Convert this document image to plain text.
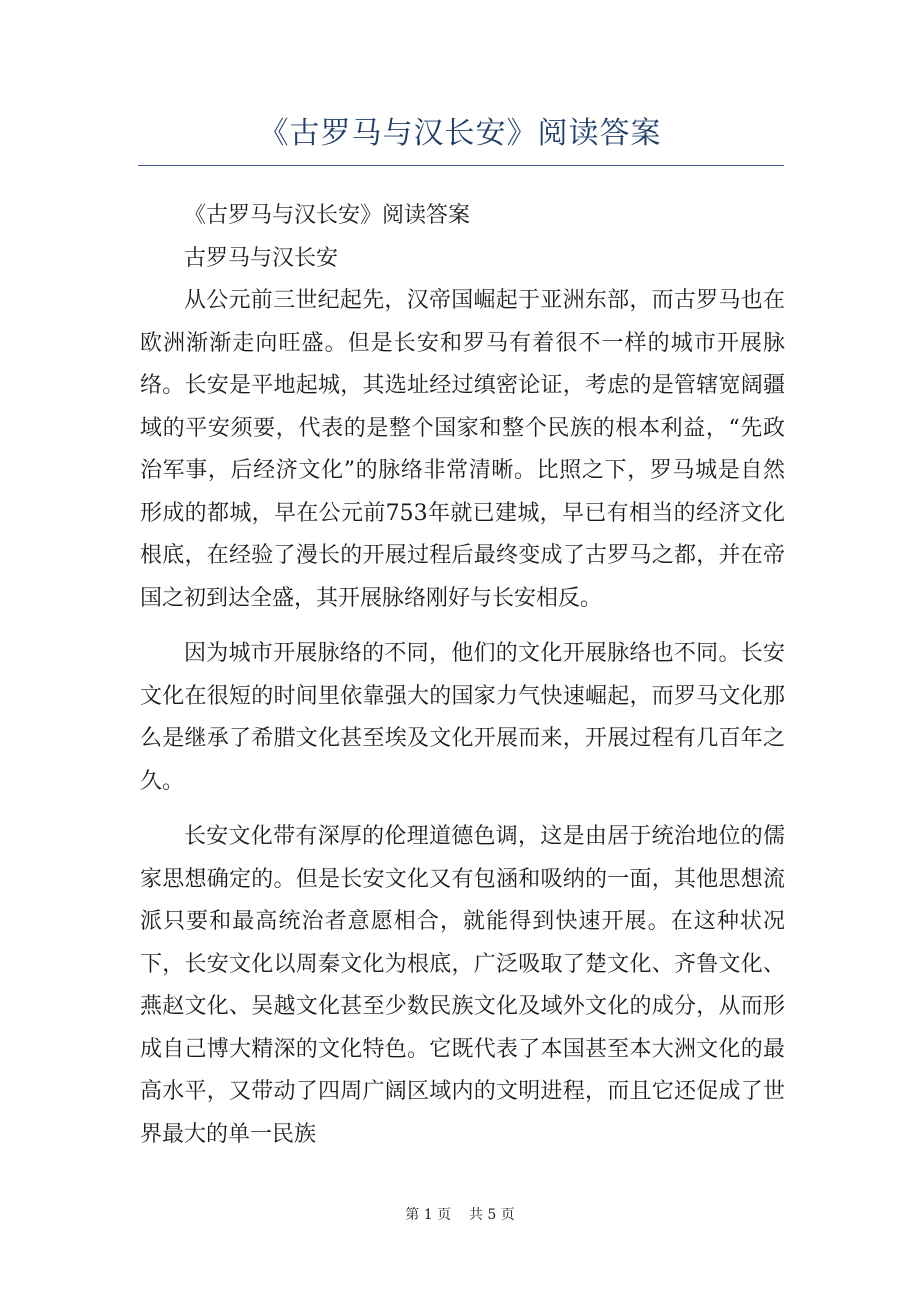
《古罗马与汉长安》阅读答案

《古罗马与汉长安》阅读答案

古罗马与汉长安

从公元前三世纪起先，汉帝国崛起于亚洲东部，而古罗马也在欧洲渐渐走向旺盛。但是长安和罗马有着很不一样的城市开展脉络。长安是平地起城，其选址经过缜密论证，考虑的是管辖宽阔疆域的平安须要，代表的是整个国家和整个民族的根本利益，“先政治军事，后经济文化”的脉络非常清晰。比照之下，罗马城是自然形成的都城，早在公元前753年就已建城，早已有相当的经济文化根底，在经验了漫长的开展过程后最终变成了古罗马之都，并在帝国之初到达全盛，其开展脉络刚好与长安相反。

因为城市开展脉络的不同，他们的文化开展脉络也不同。长安文化在很短的时间里依靠强大的国家力气快速崛起，而罗马文化那么是继承了希腊文化甚至埃及文化开展而来，开展过程有几百年之久。

长安文化带有深厚的伦理道德色调，这是由居于统治地位的儒家思想确定的。但是长安文化又有包涵和吸纳的一面，其他思想流派只要和最高统治者意愿相合，就能得到快速开展。在这种状况下，长安文化以周秦文化为根底，广泛吸取了楚文化、齐鲁文化、燕赵文化、吴越文化甚至少数民族文化及域外文化的成分，从而形成自己博大精深的文化特色。它既代表了本国甚至本大洲文化的最高水平，又带动了四周广阔区域内的文明进程，而且它还促成了世界最大的单一民族

第 1 页    共 5 页
